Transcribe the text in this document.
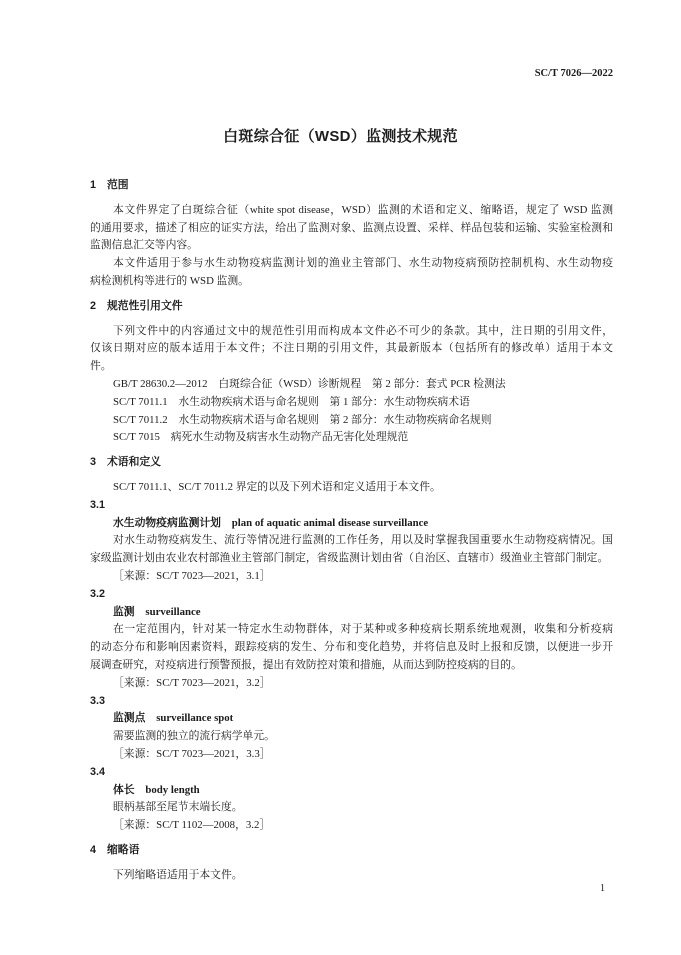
SC/T 7026—2022
白斑综合征（WSD）监测技术规范
1 范围
本文件界定了白斑综合征（white spot disease，WSD）监测的术语和定义、缩略语，规定了 WSD 监测
的通用要求，描述了相应的证实方法，给出了监测对象、监测点设置、采样、样品包装和运输、实验室检测和
监测信息汇交等内容。
本文件适用于参与水生动物疫病监测计划的渔业主管部门、水生动物疫病预防控制机构、水生动物疫
病检测机构等进行的 WSD 监测。
2 规范性引用文件
下列文件中的内容通过文中的规范性引用而构成本文件必不可少的条款。其中，注日期的引用文件，
仅该日期对应的版本适用于本文件；不注日期的引用文件，其最新版本（包括所有的修改单）适用于本文
件。
GB/T 28630.2—2012 白斑综合征（WSD）诊断规程　第 2 部分：套式 PCR 检测法
SC/T 7011.1 水生动物疾病术语与命名规则　第 1 部分：水生动物疾病术语
SC/T 7011.2 水生动物疾病术语与命名规则　第 2 部分：水生动物疾病命名规则
SC/T 7015 病死水生动物及病害水生动物产品无害化处理规范
3 术语和定义
SC/T 7011.1、SC/T 7011.2 界定的以及下列术语和定义适用于本文件。
3.1
水生动物疫病监测计划 plan of aquatic animal disease surveillance
对水生动物疫病发生、流行等情况进行监测的工作任务，用以及时掌握我国重要水生动物疫病情况。国
家级监测计划由农业农村部渔业主管部门制定，省级监测计划由省（自治区、直辖市）级渔业主管部门制定。
［来源：SC/T 7023—2021，3.1］
3.2
监测 surveillance
在一定范围内，针对某一特定水生动物群体，对于某种或多种疫病长期系统地观测，收集和分析疫病
的动态分布和影响因素资料，跟踪疫病的发生、分布和变化趋势，并将信息及时上报和反馈，以便进一步开
展调查研究，对疫病进行预警预报，提出有效防控对策和措施，从而达到防控疫病的目的。
［来源：SC/T 7023—2021，3.2］
3.3
监测点 surveillance spot
需要监测的独立的流行病学单元。
［来源：SC/T 7023—2021，3.3］
3.4
体长 body length
眼柄基部至尾节末端长度。
［来源：SC/T 1102—2008，3.2］
4 缩略语
下列缩略语适用于本文件。
1
